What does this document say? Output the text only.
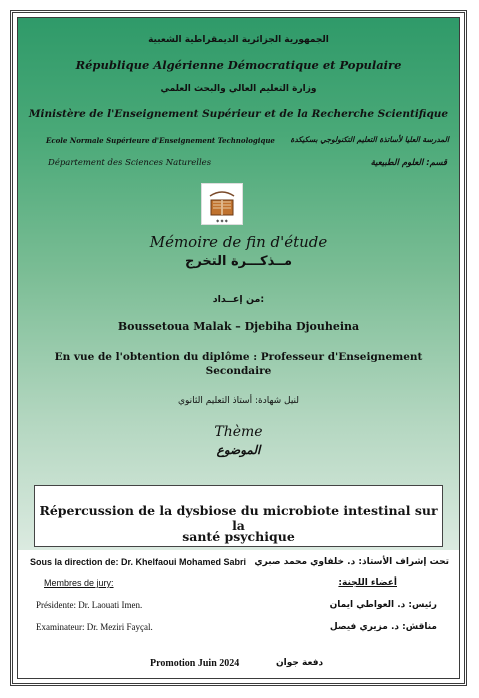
الجمهورية الجزائرية الديمقراطية الشعبية
République Algérienne Démocratique et Populaire
وزارة التعليم العالي والبحث العلمي
Ministère de l'Enseignement Supérieur et de la Recherche Scientifique
Ecole Normale Supérieure d'Enseignement Technologique المدرسة العليا لأساتذة التعليم التكنولوجي بسكيكدة
Département des Sciences Naturelles	قسم: العلوم الطبيعية
◆ ◆ ◆
Mémoire de fin d'étude
مــذكـــرة التخرج
من إعــداد:
Boussetoua Malak – Djebiha Djouheina
En vue de l'obtention du diplôme : Professeur d'Enseignement
Secondaire
لنيل شهادة: أستاذ التعليم الثانوي
Thème
الموضوع
Répercussion de la dysbiose du microbiote intestinal sur la
santé psychique
Sous la direction de: Dr. Khelfaoui Mohamed Sabri تحت إشراف الأستاذ: د. خلفاوي محمد صبري
Membres de jury:	أعضاء اللجنة:
Présidente: Dr. Laouati Imen.	رئيس: د. العواطي ايمان
Examinateur: Dr. Meziri Fayçal.	مناقش: د. مزيري فيصل
Promotion Juin 2024	دفعة جوان
